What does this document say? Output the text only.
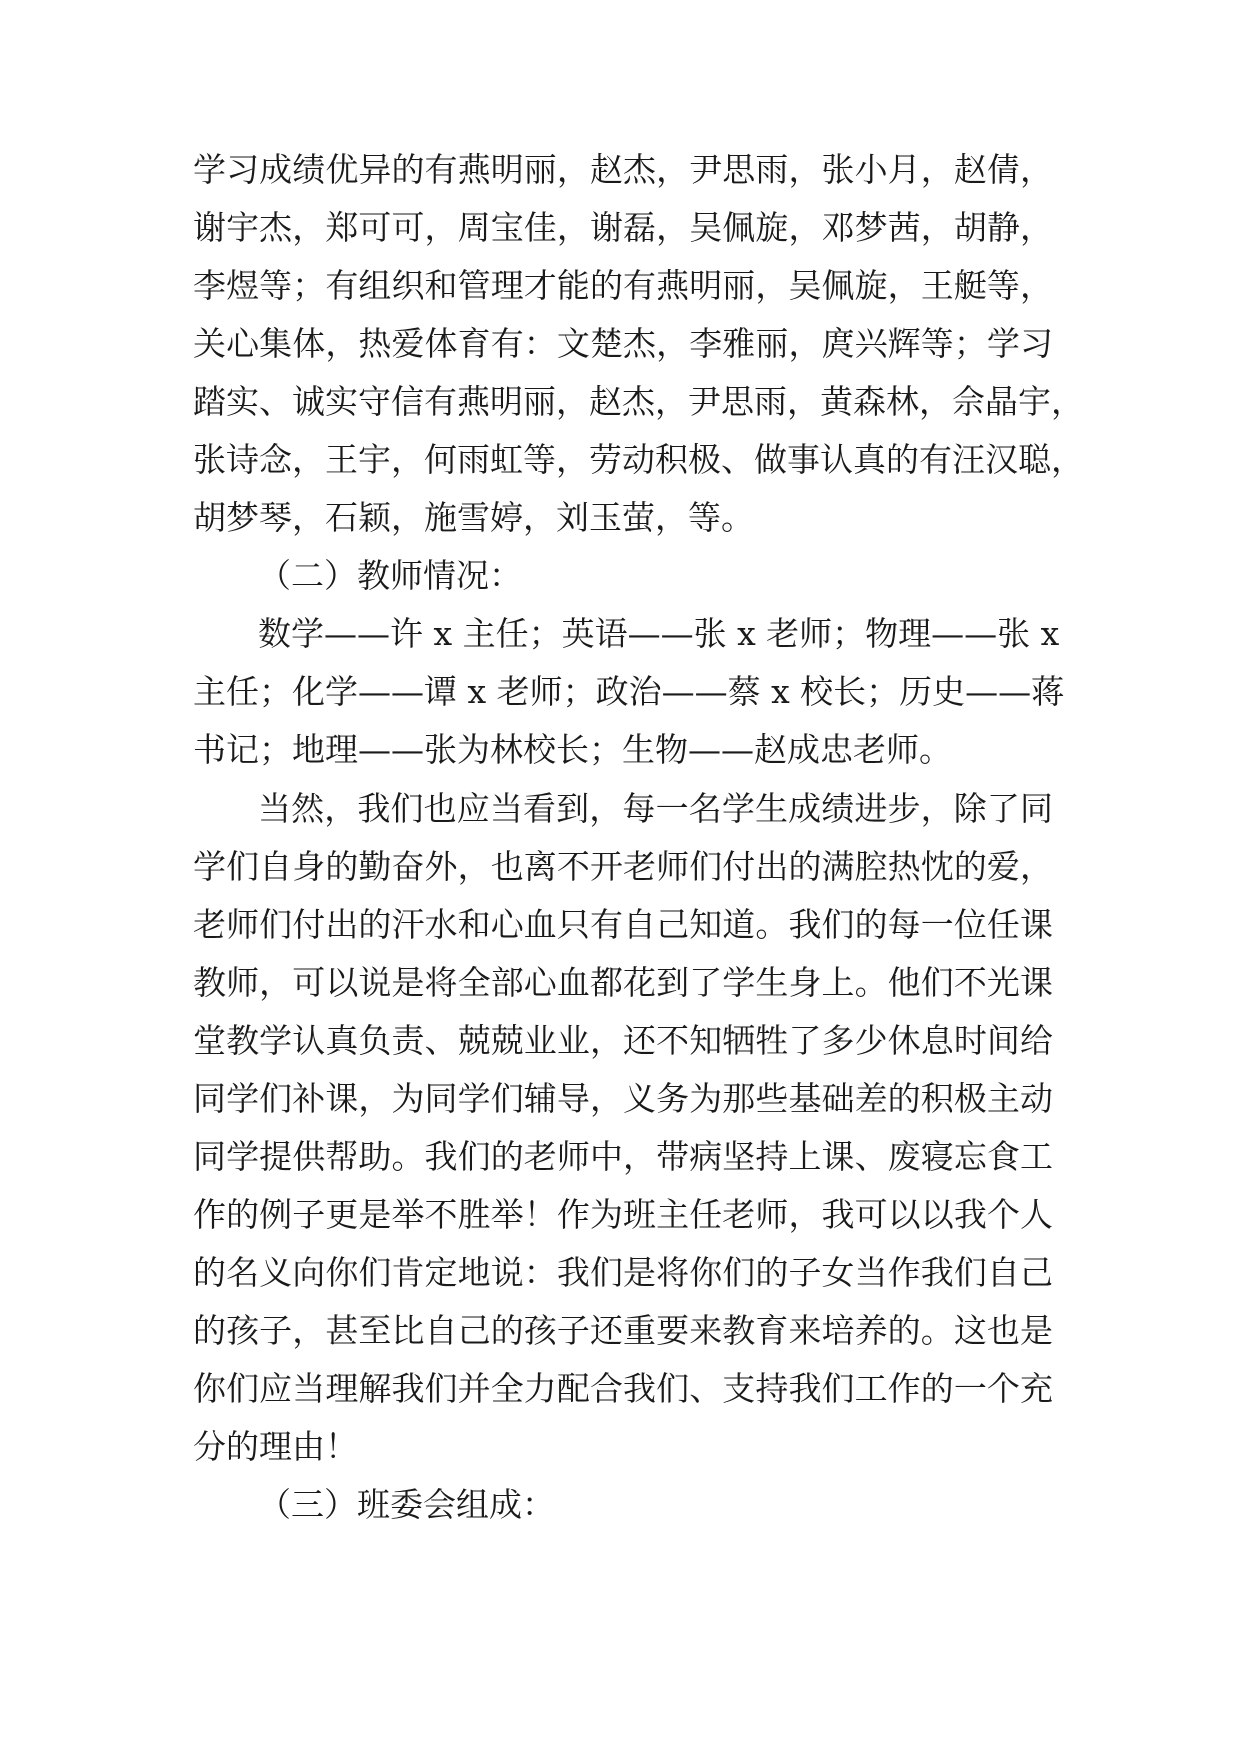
学习成绩优异的有燕明丽，赵杰，尹思雨，张小月，赵倩，
谢宇杰，郑可可，周宝佳，谢磊，吴佩旋，邓梦茜，胡静，
李煜等；有组织和管理才能的有燕明丽，吴佩旋，王艇等，
关心集体，热爱体育有：文楚杰，李雅丽，庹兴辉等；学习
踏实、诚实守信有燕明丽，赵杰，尹思雨，黄森林，佘晶宇，
张诗念，王宇，何雨虹等，劳动积极、做事认真的有汪汉聪，
胡梦琴，石颖，施雪婷，刘玉萤，等。
（二）教师情况：
数学——许 x 主任；英语——张 x 老师；物理——张 x
主任；化学——谭 x 老师；政治——蔡 x 校长；历史——蒋
书记；地理——张为林校长；生物——赵成忠老师。
当然，我们也应当看到，每一名学生成绩进步，除了同
学们自身的勤奋外，也离不开老师们付出的满腔热忱的爱，
老师们付出的汗水和心血只有自己知道。我们的每一位任课
教师，可以说是将全部心血都花到了学生身上。他们不光课
堂教学认真负责、兢兢业业，还不知牺牲了多少休息时间给
同学们补课，为同学们辅导，义务为那些基础差的积极主动
同学提供帮助。我们的老师中，带病坚持上课、废寝忘食工
作的例子更是举不胜举！作为班主任老师，我可以以我个人
的名义向你们肯定地说：我们是将你们的子女当作我们自己
的孩子，甚至比自己的孩子还重要来教育来培养的。这也是
你们应当理解我们并全力配合我们、支持我们工作的一个充
分的理由！
（三）班委会组成：
